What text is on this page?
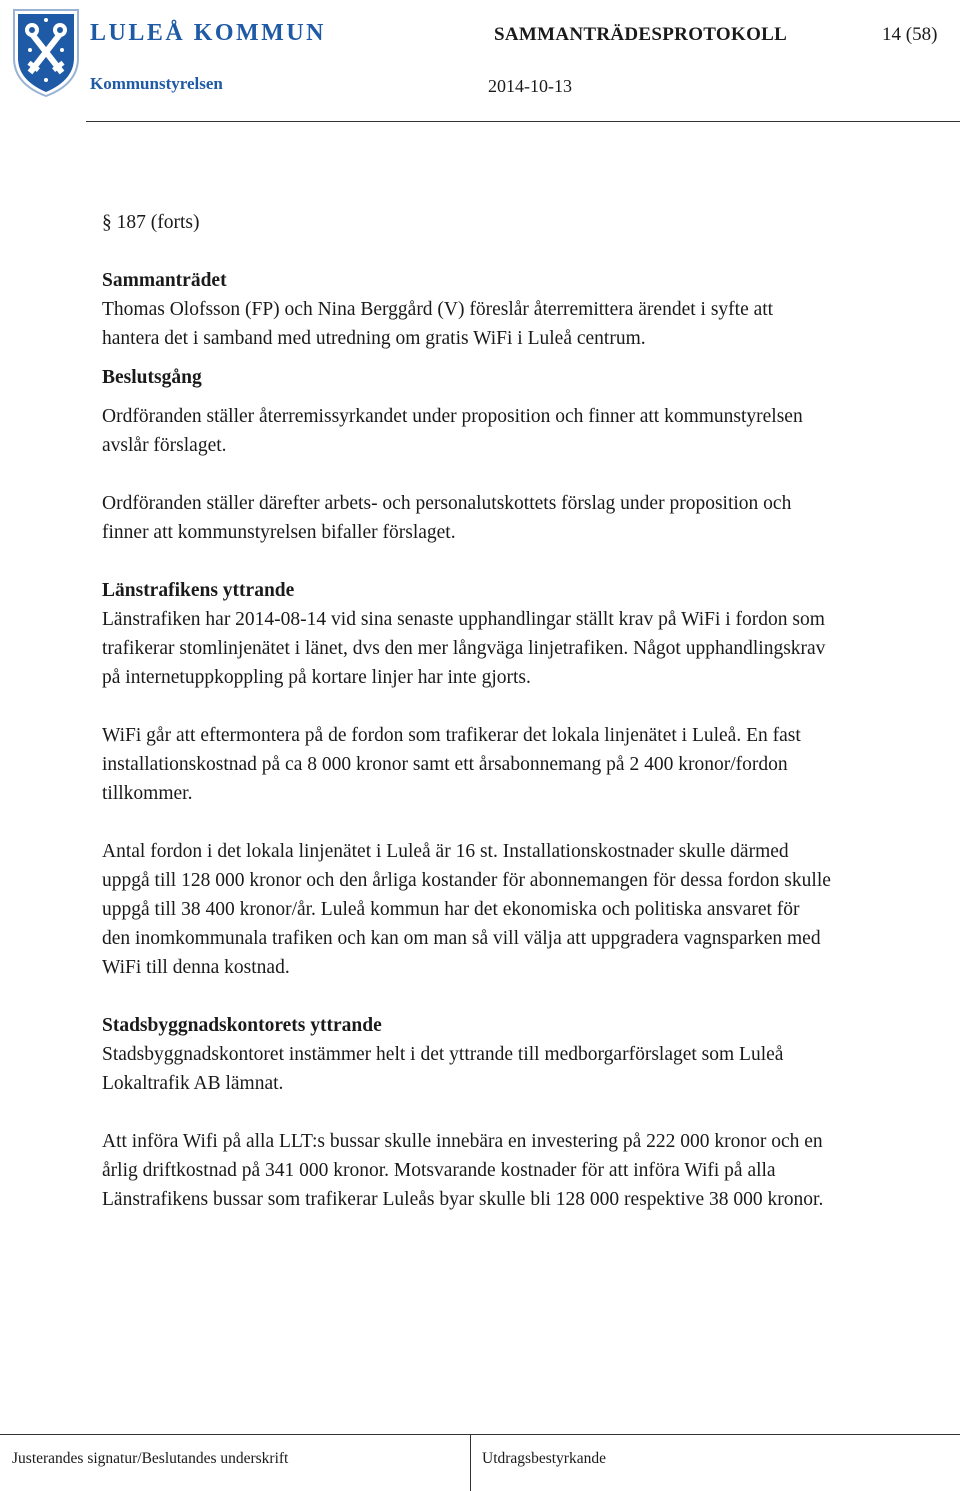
LULEÅ KOMMUN
Kommunstyrelsen
SAMMANTRÄDESPROTOKOLL	14 (58)
2014-10-13

§ 187 (forts)

Sammanträdet

Thomas Olofsson (FP) och Nina Berggård (V) föreslår återremittera ärendet i syfte att hantera det i samband med utredning om gratis WiFi i Luleå centrum.

Beslutsgång

Ordföranden ställer återremissyrkandet under proposition och finner att kommunstyrelsen avslår förslaget.

Ordföranden ställer därefter arbets- och personalutskottets förslag under proposition och finner att kommunstyrelsen bifaller förslaget.

Länstrafikens yttrande

Länstrafiken har 2014-08-14 vid sina senaste upphandlingar ställt krav på WiFi i fordon som trafikerar stomlinjenätet i länet, dvs den mer långväga linjetrafiken. Något upphandlingskrav på internetuppkoppling på kortare linjer har inte gjorts.

WiFi går att eftermontera på de fordon som trafikerar det lokala linjenätet i Luleå. En fast installationskostnad på ca 8 000 kronor samt ett årsabonnemang på 2 400 kronor/fordon tillkommer.

Antal fordon i det lokala linjenätet i Luleå är 16 st. Installationskostnader skulle därmed uppgå till 128 000 kronor och den årliga kostander för abonnemangen för dessa fordon skulle uppgå till 38 400 kronor/år. Luleå kommun har det ekonomiska och politiska ansvaret för den inomkommunala trafiken och kan om man så vill välja att uppgradera vagnsparken med WiFi till denna kostnad.

Stadsbyggnadskontorets yttrande

Stadsbyggnadskontoret instämmer helt i det yttrande till medborgarförslaget som Luleå Lokaltrafik AB lämnat.

Att införa Wifi på alla LLT:s bussar skulle innebära en investering på 222 000 kronor och en årlig driftkostnad på 341 000 kronor. Motsvarande kostnader för att införa Wifi på alla Länstrafikens bussar som trafikerar Luleås byar skulle bli 128 000 respektive 38 000 kronor.

Justerandes signatur/Beslutandes underskrift	Utdragsbestyrkande
